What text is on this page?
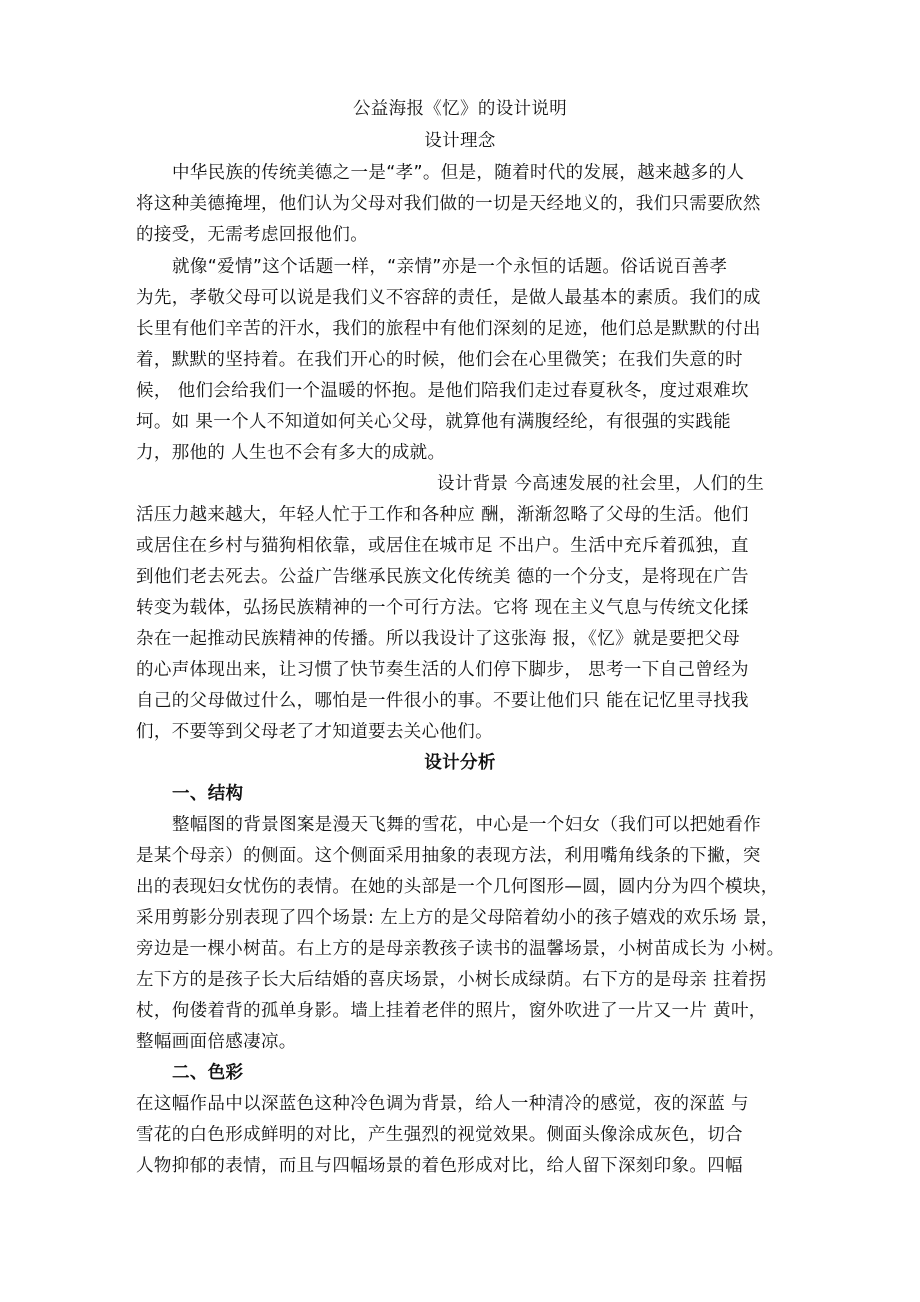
公益海报《忆》的设计说明

设计理念

中华民族的传统美德之一是“孝”。但是，随着时代的发展，越来越多的人

将这种美德掩埋，他们认为父母对我们做的一切是天经地义的，我们只需要欣然

的接受，无需考虑回报他们。

就像“爱情”这个话题一样，“亲情”亦是一个永恒的话题。俗话说百善孝

为先，孝敬父母可以说是我们义不容辞的责任，是做人最基本的素质。我们的成

长里有他们辛苦的汗水，我们的旅程中有他们深刻的足迹，他们总是默默的付出

着，默默的坚持着。在我们开心的时候，他们会在心里微笑；在我们失意的时

候， 他们会给我们一个温暖的怀抱。是他们陪我们走过春夏秋冬，度过艰难坎

坷。如 果一个人不知道如何关心父母，就算他有满腹经纶，有很强的实践能

力，那他的 人生也不会有多大的成就。

设计背景 今高速发展的社会里，人们的生

活压力越来越大，年轻人忙于工作和各种应 酬，渐渐忽略了父母的生活。他们

或居住在乡村与猫狗相依靠，或居住在城市足 不出户。生活中充斥着孤独，直

到他们老去死去。公益广告继承民族文化传统美 德的一个分支，是将现在广告

转变为载体，弘扬民族精神的一个可行方法。它将 现在主义气息与传统文化揉

杂在一起推动民族精神的传播。所以我设计了这张海 报，《忆》就是要把父母

的心声体现出来，让习惯了快节奏生活的人们停下脚步， 思考一下自己曾经为

自己的父母做过什么，哪怕是一件很小的事。不要让他们只 能在记忆里寻找我

们，不要等到父母老了才知道要去关心他们。

设计分析

一、结构

整幅图的背景图案是漫天飞舞的雪花，中心是一个妇女（我们可以把她看作

是某个母亲）的侧面。这个侧面采用抽象的表现方法，利用嘴角线条的下撇，突

出的表现妇女忧伤的表情。在她的头部是一个几何图形—圆，圆内分为四个模块，

采用剪影分别表现了四个场景: 左上方的是父母陪着幼小的孩子嬉戏的欢乐场 景，

旁边是一棵小树苗。右上方的是母亲教孩子读书的温馨场景，小树苗成长为 小树。

左下方的是孩子长大后结婚的喜庆场景，小树长成绿荫。右下方的是母亲 拄着拐

杖，佝偻着背的孤单身影。墙上挂着老伴的照片，窗外吹进了一片又一片 黄叶，

整幅画面倍感凄凉。

二、色彩

在这幅作品中以深蓝色这种冷色调为背景，给人一种清冷的感觉，夜的深蓝 与

雪花的白色形成鲜明的对比，产生强烈的视觉效果。侧面头像涂成灰色，切合

人物抑郁的表情，而且与四幅场景的着色形成对比，给人留下深刻印象。四幅
